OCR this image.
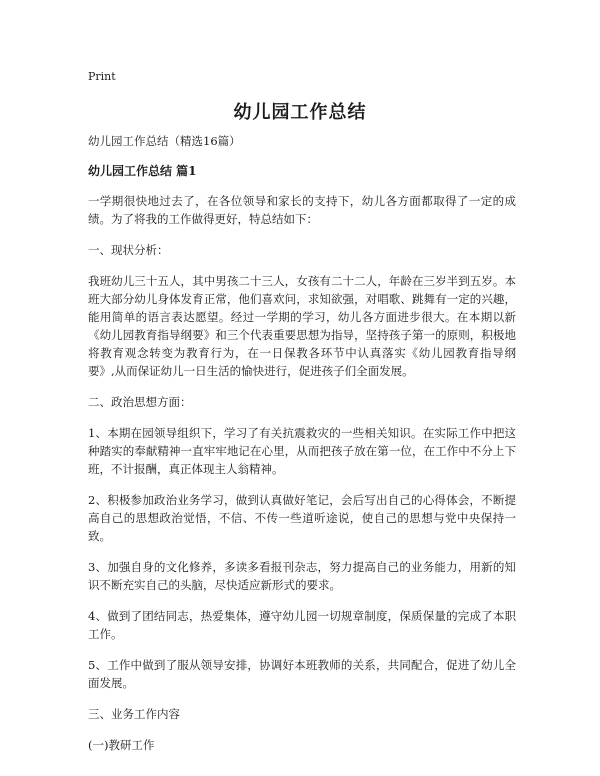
Print
幼儿园工作总结

幼儿园工作总结（精选16篇）

幼儿园工作总结 篇1

一学期很快地过去了，在各位领导和家长的支持下，幼儿各方面都取得了一定的成绩。为了将我的工作做得更好，特总结如下：

一、现状分析：

我班幼儿三十五人，其中男孩二十三人，女孩有二十二人，年龄在三岁半到五岁。本班大部分幼儿身体发育正常，他们喜欢问，求知欲强，对唱歌、跳舞有一定的兴趣，能用简单的语言表达愿望。经过一学期的学习，幼儿各方面进步很大。在本期以新《幼儿园教育指导纲要》和三个代表重要思想为指导，坚持孩子第一的原则，积极地将教育观念转变为教育行为，在一日保教各环节中认真落实《幼儿园教育指导纲要》,从而保证幼儿一日生活的愉快进行，促进孩子们全面发展。

二、政治思想方面：

1、本期在园领导组织下，学习了有关抗震救灾的一些相关知识。在实际工作中把这种踏实的奉献精神一直牢牢地记在心里，从而把孩子放在第一位，在工作中不分上下班，不计报酬，真正体现主人翁精神。

2、积极参加政治业务学习，做到认真做好笔记，会后写出自己的心得体会，不断提高自己的思想政治觉悟，不信、不传一些道听途说，使自己的思想与党中央保持一致。

3、加强自身的文化修养，多读多看报刊杂志，努力提高自己的业务能力，用新的知识不断充实自己的头脑，尽快适应新形式的要求。

4、做到了团结同志，热爱集体，遵守幼儿园一切规章制度，保质保量的完成了本职工作。

5、工作中做到了服从领导安排，协调好本班教师的关系，共同配合，促进了幼儿全面发展。

三、业务工作内容

(一)教研工作
